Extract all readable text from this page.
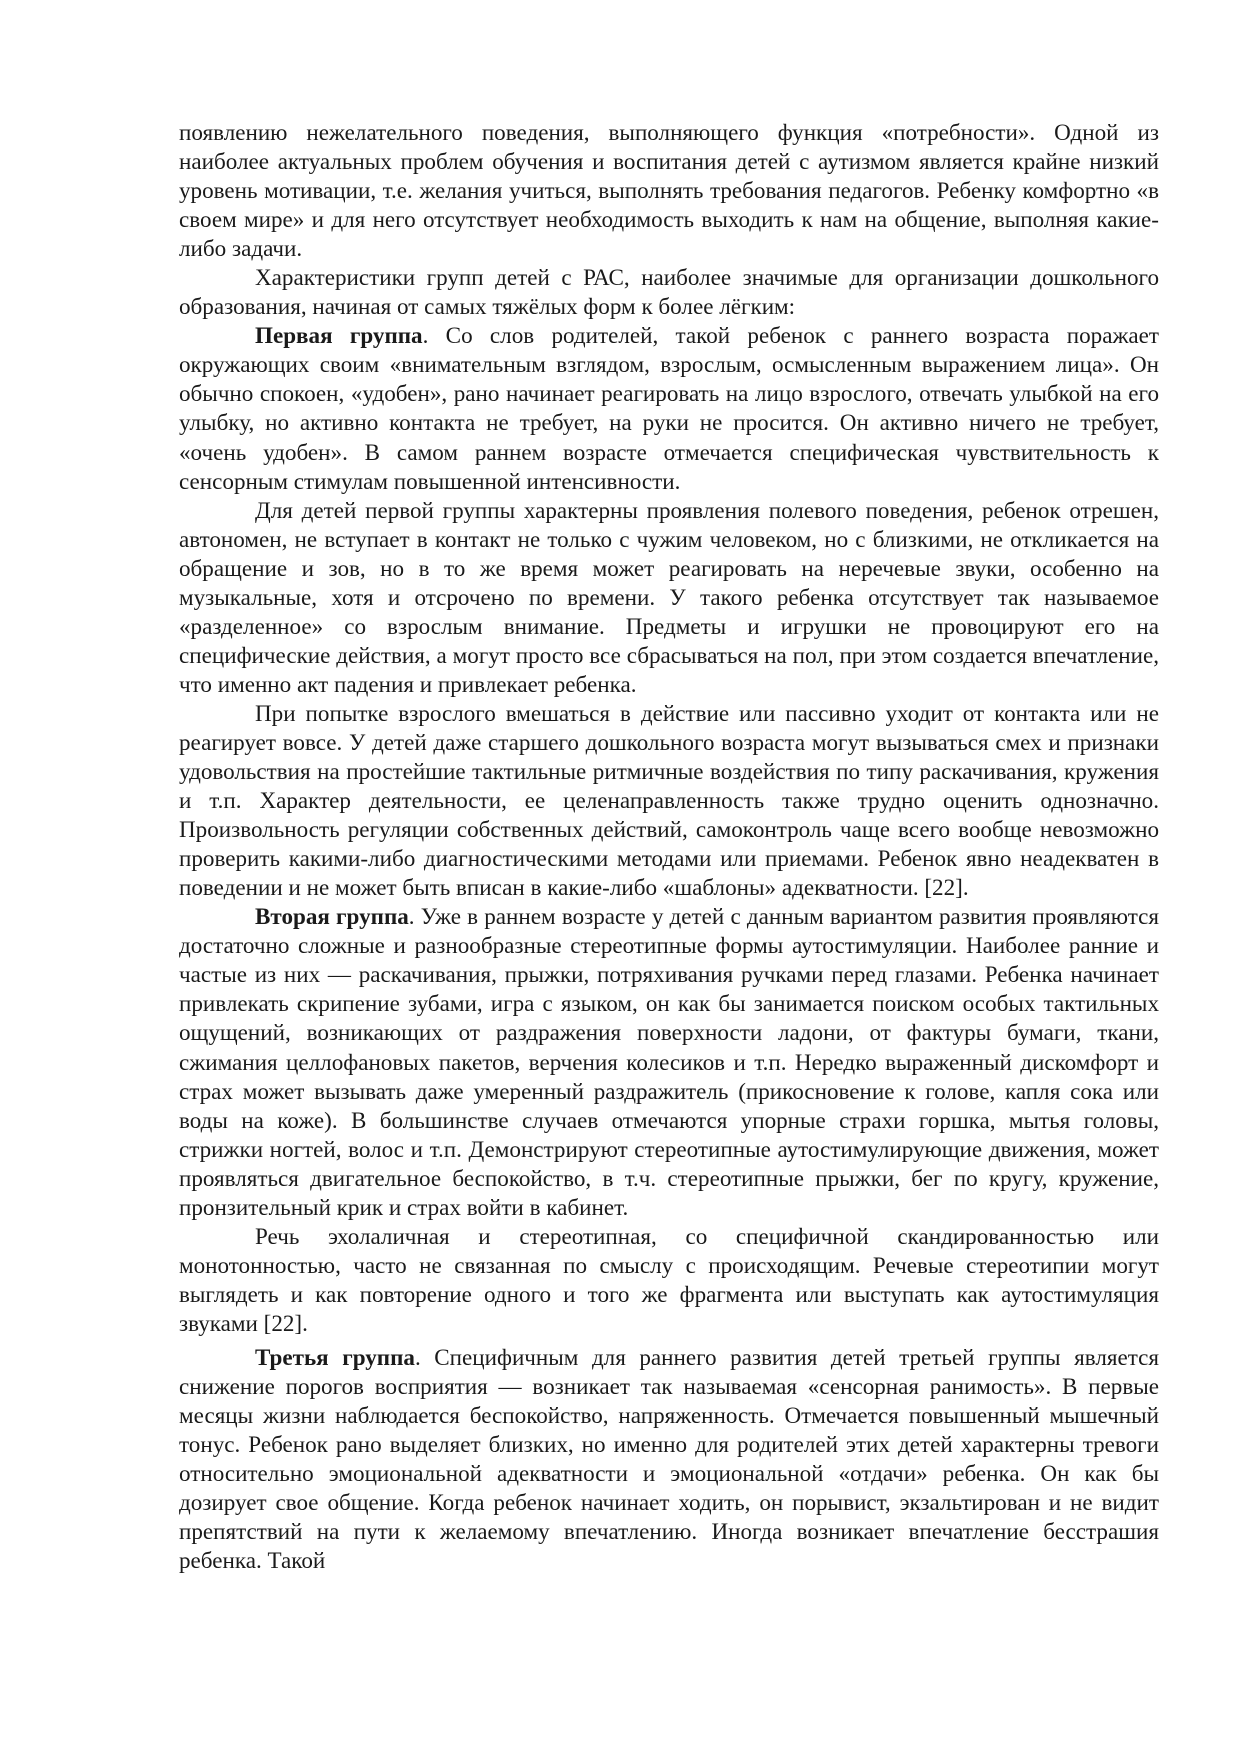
появлению нежелательного поведения, выполняющего функция «потребности». Одной из наиболее актуальных проблем обучения и воспитания детей с аутизмом является крайне низкий уровень мотивации, т.е. желания учиться, выполнять требования педагогов. Ребенку комфортно «в своем мире» и для него отсутствует необходимость выходить к нам на общение, выполняя какие-либо задачи.

Характеристики групп детей с РАС, наиболее значимые для организации дошкольного образования, начиная от самых тяжёлых форм к более лёгким:

Первая группа. Со слов родителей, такой ребенок с раннего возраста поражает окружающих своим «внимательным взглядом, взрослым, осмысленным выражением лица». Он обычно спокоен, «удобен», рано начинает реагировать на лицо взрослого, отвечать улыбкой на его улыбку, но активно контакта не требует, на руки не просится. Он активно ничего не требует, «очень удобен». В самом раннем возрасте отмечается специфическая чувствительность к сенсорным стимулам повышенной интенсивности.

Для детей первой группы характерны проявления полевого поведения, ребенок отрешен, автономен, не вступает в контакт не только с чужим человеком, но с близкими, не откликается на обращение и зов, но в то же время может реагировать на неречевые звуки, особенно на музыкальные, хотя и отсрочено по времени. У такого ребенка отсутствует так называемое «разделенное» со взрослым внимание. Предметы и игрушки не провоцируют его на специфические действия, а могут просто все сбрасываться на пол, при этом создается впечатление, что именно акт падения и привлекает ребенка.

При попытке взрослого вмешаться в действие или пассивно уходит от контакта или не реагирует вовсе. У детей даже старшего дошкольного возраста могут вызываться смех и признаки удовольствия на простейшие тактильные ритмичные воздействия по типу раскачивания, кружения и т.п. Характер деятельности, ее целенаправленность также трудно оценить однозначно. Произвольность регуляции собственных действий, самоконтроль чаще всего вообще невозможно проверить какими-либо диагностическими методами или приемами. Ребенок явно неадекватен в поведении и не может быть вписан в какие-либо «шаблоны» адекватности. [22].

Вторая группа. Уже в раннем возрасте у детей с данным вариантом развития проявляются достаточно сложные и разнообразные стереотипные формы аутостимуляции. Наиболее ранние и частые из них — раскачивания, прыжки, потряхивания ручками перед глазами. Ребенка начинает привлекать скрипение зубами, игра с языком, он как бы занимается поиском особых тактильных ощущений, возникающих от раздражения поверхности ладони, от фактуры бумаги, ткани, сжимания целлофановых пакетов, верчения колесиков и т.п. Нередко выраженный дискомфорт и страх может вызывать даже умеренный раздражитель (прикосновение к голове, капля сока или воды на коже). В большинстве случаев отмечаются упорные страхи горшка, мытья головы, стрижки ногтей, волос и т.п. Демонстрируют стереотипные аутостимулирующие движения, может проявляться двигательное беспокойство, в т.ч. стереотипные прыжки, бег по кругу, кружение, пронзительный крик и страх войти в кабинет.

Речь эхолаличная и стереотипная, со специфичной скандированностью или монотонностью, часто не связанная по смыслу с происходящим. Речевые стереотипии могут выглядеть и как повторение одного и того же фрагмента или выступать как аутостимуляция звуками [22].

Третья группа. Специфичным для раннего развития детей третьей группы является снижение порогов восприятия — возникает так называемая «сенсорная ранимость». В первые месяцы жизни наблюдается беспокойство, напряженность. Отмечается повышенный мышечный тонус. Ребенок рано выделяет близких, но именно для родителей этих детей характерны тревоги относительно эмоциональной адекватности и эмоциональной «отдачи» ребенка. Он как бы дозирует свое общение. Когда ребенок начинает ходить, он порывист, экзальтирован и не видит препятствий на пути к желаемому впечатлению. Иногда возникает впечатление бесстрашия ребенка. Такой
